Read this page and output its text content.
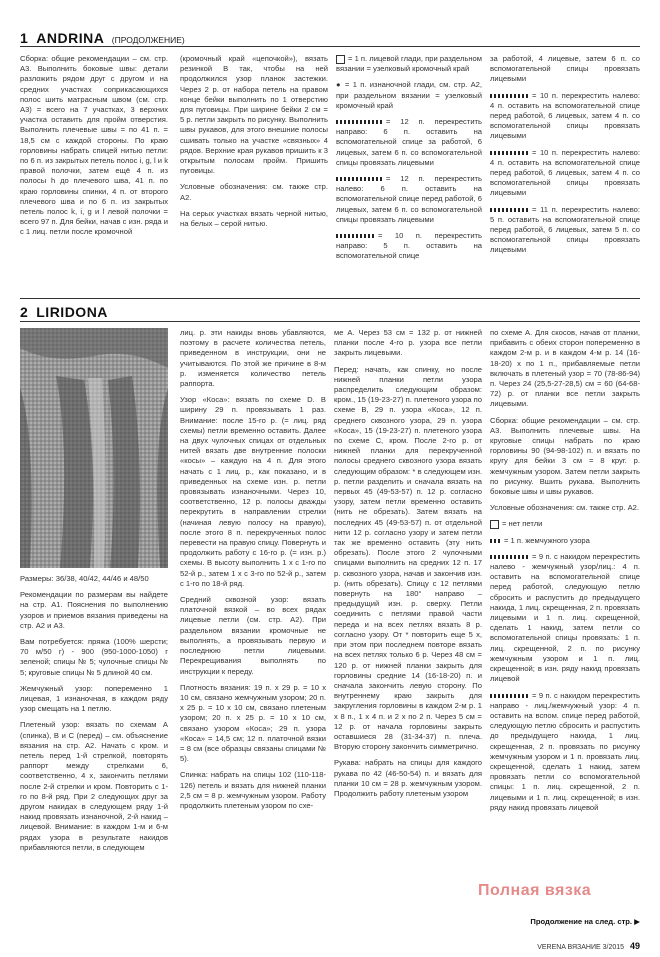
1 ANDRINA (ПРОДОЛЖЕНИЕ)

Сборка: общие рекомендации – см. стр. А3. Выполнить боковые швы: детали разложить рядом друг с другом и на средних участках соприкасающихся полос шить матрасным швом (см. стр. А3) = всего на 7 участках, 3 верхних участка оставить для пройм отверстия. Выполнить плечевые швы = по 41 п. = 18,5 см с каждой стороны. По краю горловины набрать спицей нитью петли: по 6 п. из закрытых петель полос i, g, l и k правой полочки, затем ещё 4 п. из полосы h до плечевого шва, 41 п. по краю горловины спинки, 4 п. от второго плечевого шва и по 6 п. из закрытых петель полос k, i, g и l левой полочки = всего 97 п. Для бейки, начав с изн. ряда и с 1 лиц. петли после кромочной

(кромочный край «цепочкой»), вязать резинкой В так, чтобы на ней продолжился узор планок застежки. Через 2 р. от набора петель на правом конце бейки выполнить по 1 отверстию для пуговицы. При ширине бейки 2 см = 5 р. петли закрыть по рисунку. Выполнить швы рукавов, для этого внешние полосы сшивать только на участке «связных» 4 рядов. Верхние края рукавов пришить к 3 открытым полосам пройм. Пришить пуговицы.

Условные обозначения: см. также стр. А2.

На серых участках вязать черной нитью, на белых – серой нитью.

= 1 п. лицевой глади, при раздельном вязании = узелковый кромочный край

● = 1 п. изнаночной глади, см. стр. А2, при раздельном вязании = узелковый кромочный край

= 12 п. перекрестить направо: 6 п. оставить на вспомогательной спице за работой, 6 лицевых, затем 6 п. со вспомогательной спицы провязать лицевыми

= 12 п. перекрестить налево: 6 п. оставить на вспомогательной спице перед работой, 6 лицевых, затем 6 п. со вспомогательной спицы провязать лицевыми

= 10 п. перекрестить направо: 5 п. оставить на вспомогательной спице

за работой, 4 лицевые, затем 6 п. со вспомогательной спицы провязать лицевыми

= 10 п. перекрестить налево: 4 п. оставить на вспомогательной спице перед работой, 6 лицевых, затем 4 п. со вспомогательной спицы провязать лицевыми

= 10 п. перекрестить налево: 4 п. оставить на вспомогательной спице перед работой, 6 лицевых, затем 4 п. со вспомогательной спицы провязать лицевыми

= 11 п. перекрестить налево: 5 п. оставить на вспомогательной спице перед работой, 6 лицевых, затем 5 п. со вспомогательной спицы провязать лицевыми

2 LIRIDONA

Размеры: 36/38, 40/42, 44/46 и 48/50

Рекомендации по размерам вы найдете на стр. А1. Пояснения по выполнению узоров и приемов вязания приведены на стр. А2 и А3.

Вам потребуется: пряжа (100% шерсти; 70 м/50 г) - 900 (950-1000-1050) г зеленой; спицы № 5; чулочные спицы № 5; круговые спицы № 5 длиной 40 см.

Жемчужный узор: попеременно 1 лицевая, 1 изнаночная, в каждом ряду узор смещать на 1 петлю.

Плетеный узор: вязать по схемам А (спинка), В и С (перед) – см. объяснение вязания на стр. А2. Начать с кром. и петель перед 1-й стрелкой, повторять раппорт между стрелками 6, соответственно, 4 х, закончить петлями после 2-й стрелки и кром. Повторить с 1-го по 8-й ряд. При 2 следующих друг за другом накидах в следующем ряду 1-й накид провязать изнаночной, 2-й накид – лицевой. Внимание: в каждом 1-м и 6-м рядах узора в результате накидов прибавляются петли, в следующем

лиц. р. эти накиды вновь убавляются, поэтому в расчете количества петель, приведенном в инструкции, они не учитываются. По этой же причине в 8-м р. изменяется количество петель раппорта.

Узор «Коса»: вязать по схеме D. В ширину 29 п. провязывать 1 раз. Внимание: после 15-го р. (= лиц. ряд схемы) петли временно оставить. Далее на двух чулочных спицах от отдельных нитей вязать две внутренние полоски «косы» – каждую на 4 п. Для этого начать с 1 лиц. р., как показано, и в приведенных на схеме изн. р. петли провязывать изнаночными. Через 10, соответственно, 12 р. полосы дважды перекрутить в направлении стрелки (начиная левую полосу на правую), после этого 8 п. перекрученных полос перевести на правую спицу. Повернуть и продолжить работу с 16-го р. (= изн. р.) схемы. В высоту выполнить 1 х с 1-го по 52-й р., затем 1 х с 3-го по 52-й р., затем с 1-го по 18-й ряд.

Средний сквозной узор: вязать платочной вязкой – во всех рядах лицевые петли (см. стр. А2). При раздельном вязании кромочные не выполнять, а провязывать первую и последнюю петли лицевыми. Перекрещивания выполнять по инструкции к переду.

Плотность вязания: 19 п. x 29 р. = 10 x 10 см, связано жемчужным узором; 20 п. x 25 р. = 10 x 10 см, связано плетеным узором; 20 п. x 25 р. = 10 x 10 см, связано узором «Коса»; 29 п. узора «Коса» = 14,5 см; 12 п. платочной вязки = 8 см (все образцы связаны спицами № 5).

Спинка: набрать на спицы 102 (110-118-126) петель и вязать для нижней планки 2,5 см = 8 р. жемчужным узором. Работу продолжить плетеным узором по схе-

ме А. Через 53 см = 132 р. от нижней планки после 4-го р. узора все петли закрыть лицевыми.

Перед: начать, как спинку, но после нижней планки петли узора распределить следующим образом: кром., 15 (19-23-27) п. плетеного узора по схеме В, 29 п. узора «Коса», 12 п. среднего сквозного узора, 29 п. узора «Коса», 15 (19-23-27) п. плетеного узора по схеме С, кром. После 2-го р. от нижней планки для перекрученной полосы среднего сквозного узора вязать следующим образом: * в следующем изн. р. петли разделить и сначала вязать на первых 45 (49-53-57) п. 12 р. согласно узору, затем петли временно оставить (нить не обрезать). Затем вязать на последних 45 (49-53-57) п. от отдельной нити 12 р. согласно узору и затем петли так же временно оставить (эту нить обрезать). После этого 2 чулочными спицами выполнить на средних 12 п. 17 р. сквозного узора, начав и закончив изн. р. (нить обрезать). Спицу с 12 петлями повернуть на 180° направо – предыдущий изн. р. сверху. Петли соединить с петлями правой части переда и на всех петлях вязать 8 р. согласно узору. От * повторить еще 5 х, при этом при последнем повторе вязать на всех петлях только 6 р. Через 48 см = 120 р. от нижней планки закрыть для горловины средние 14 (16-18-20) п. и сначала закончить левую сторону. По внутреннему краю закрыть для закругления горловины в каждом 2-м р. 1 х 8 п., 1 х 4 п. и 2 х по 2 п. Через 5 см = 12 р. от начала горловины закрыть оставшиеся 28 (31-34-37) п. плеча. Вторую сторону закончить симметрично.

Рукава: набрать на спицы для каждого рукава по 42 (46-50-54) п. и вязать для планки 10 см = 28 р. жемчужным узором. Продолжить работу плетеным узором

по схеме А. Для скосов, начав от планки, прибавить с обеих сторон попеременно в каждом 2-м р. и в каждом 4-м р. 14 (16-18-20) х по 1 п., прибавляемые петли включать в плетеный узор = 70 (78-86-94) п. Через 24 (25,5-27-28,5) см = 60 (64-68-72) р. от планки все петли закрыть лицевыми.

Сборка: общие рекомендации – см. стр. А3. Выполнить плечевые швы. На круговые спицы набрать по краю горловины 90 (94-98-102) п. и вязать по кругу для бейки 3 см = 8 круг. р. жемчужным узором. Затем петли закрыть по рисунку. Вшить рукава. Выполнить боковые швы и швы рукавов.

Условные обозначения: см. также стр. А2.

= нет петли

= 1 п. жемчужного узора

= 9 п. с накидом перекрестить налево - жемчужный узор/лиц.: 4 п. оставить на вспомогательной спице перед работой, следующую петлю сбросить и распустить до предыдущего накида, 1 лиц. скрещенная, 2 п. провязать лицевыми и 1 п. лиц. скрещенной, сделать 1 накид, затем петли со вспомогательной спицы провязать: 1 п. лиц. скрещенной, 2 п. по рисунку жемчужным узором и 1 п. лиц. скрещенной; в изн. ряду накид провязать лицевой

= 9 п. с накидом перекрестить направо - лиц./жемчужный узор: 4 п. оставить на вспом. спице перед работой, следующую петлю сбросить и распустить до предыдущего накида, 1 лиц. скрещенная, 2 п. провязать по рисунку жемчужным узором и 1 п. провязать лиц. скрещенной, сделать 1 накид, затем провязать петли со вспомогательной спицы: 1 п. лиц. скрещенной, 2 п. лицевыми и 1 п. лиц. скрещенной; в изн. ряду накид провязать лицевой

Полная вязка
Продолжение на след. стр. ▶
VERENA ВЯЗАНИЕ 3/2015 49
